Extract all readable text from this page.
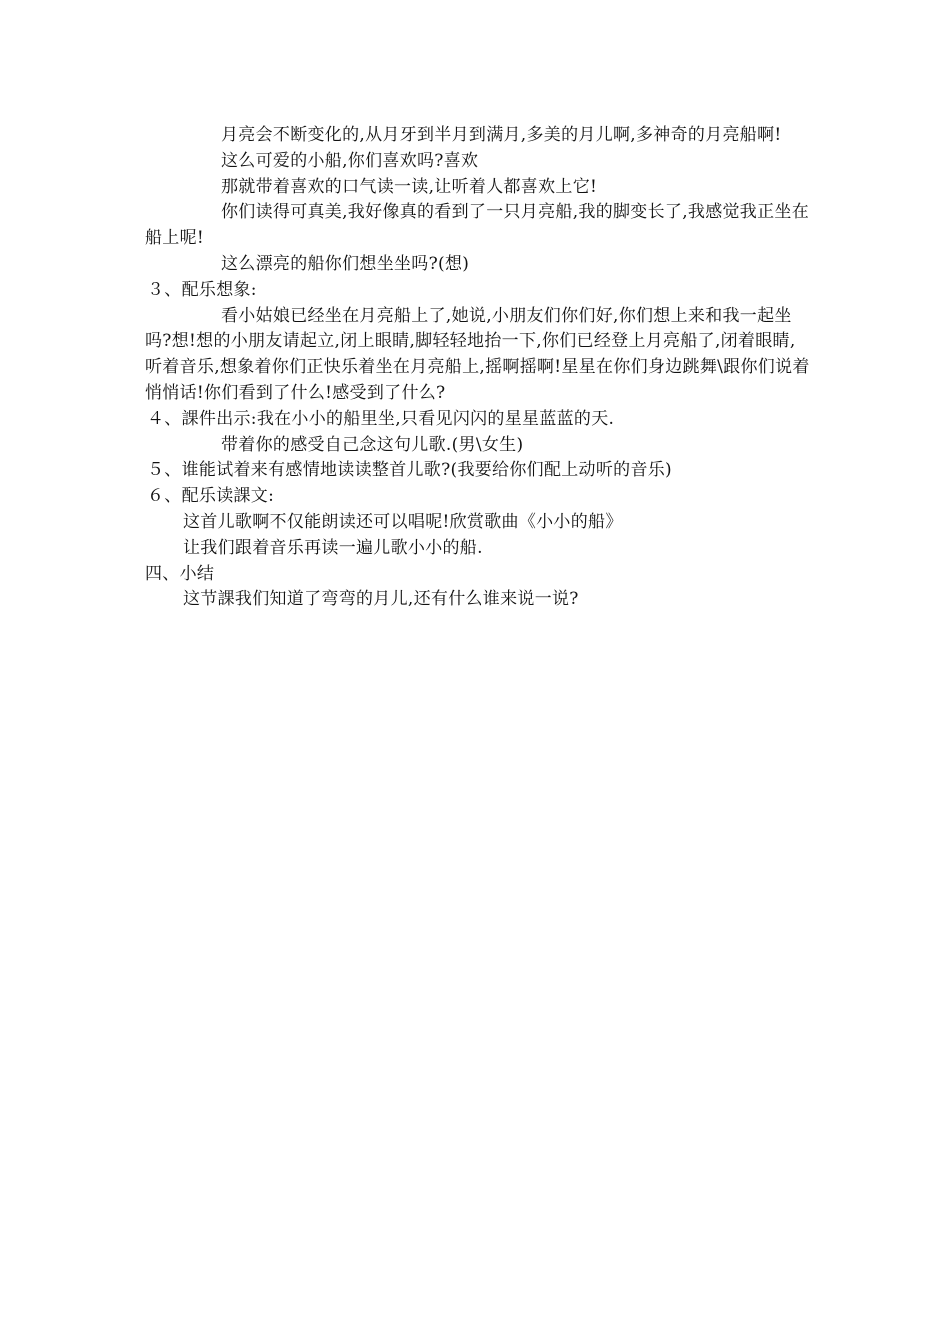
月亮会不断变化的,从月牙到半月到满月,多美的月儿啊,多神奇的月亮船啊!

这么可爱的小船,你们喜欢吗?喜欢

那就带着喜欢的口气读一读,让听着人都喜欢上它!

你们读得可真美,我好像真的看到了一只月亮船,我的脚变长了,我感觉我正坐在船上呢!

这么漂亮的船你们想坐坐吗?(想)

３、配乐想象:

看小姑娘已经坐在月亮船上了,她说,小朋友们你们好,你们想上来和我一起坐吗?想!想的小朋友请起立,闭上眼睛,脚轻轻地抬一下,你们已经登上月亮船了,闭着眼睛,听着音乐,想象着你们正快乐着坐在月亮船上,摇啊摇啊!星星在你们身边跳舞\跟你们说着悄悄话!你们看到了什么!感受到了什么?

４、課件出示:我在小小的船里坐,只看见闪闪的星星蓝蓝的天.

带着你的感受自己念这句儿歌.(男\女生)

５、谁能试着来有感情地读读整首儿歌?(我要给你们配上动听的音乐)

６、配乐读課文:

这首儿歌啊不仅能朗读还可以唱呢!欣赏歌曲《小小的船》

让我们跟着音乐再读一遍儿歌小小的船.

四、小结

这节課我们知道了弯弯的月儿,还有什么谁来说一说?
